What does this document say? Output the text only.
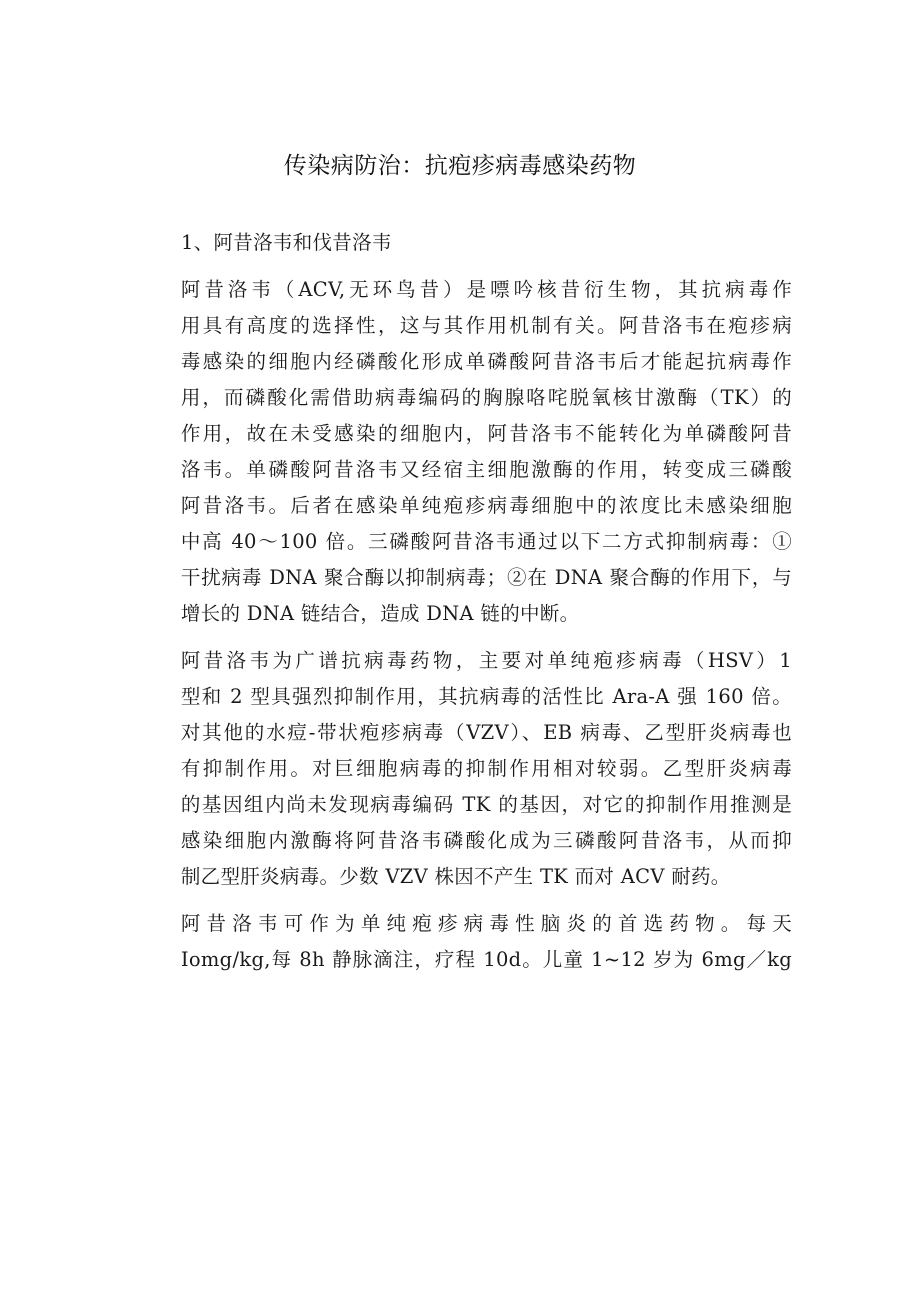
传染病防治：抗疱疹病毒感染药物
1、阿昔洛韦和伐昔洛韦
阿昔洛韦（ACV,无环鸟昔）是嘌吟核昔衍生物，其抗病毒作
用具有高度的选择性，这与其作用机制有关。阿昔洛韦在疱疹病
毒感染的细胞内经磷酸化形成单磷酸阿昔洛韦后才能起抗病毒作
用，而磷酸化需借助病毒编码的胸腺咯咤脱氧核甘激酶（TK）的
作用，故在未受感染的细胞内，阿昔洛韦不能转化为单磷酸阿昔
洛韦。单磷酸阿昔洛韦又经宿主细胞激酶的作用，转变成三磷酸
阿昔洛韦。后者在感染单纯疱疹病毒细胞中的浓度比未感染细胞
中高 40～100 倍。三磷酸阿昔洛韦通过以下二方式抑制病毒：①
干扰病毒 DNA 聚合酶以抑制病毒；②在 DNA 聚合酶的作用下，与
增长的 DNA 链结合，造成 DNA 链的中断。
阿昔洛韦为广谱抗病毒药物，主要对单纯疱疹病毒（HSV）1
型和 2 型具强烈抑制作用，其抗病毒的活性比 Ara-A 强 160 倍。
对其他的水痘-带状疱疹病毒（VZV）、EB 病毒、乙型肝炎病毒也
有抑制作用。对巨细胞病毒的抑制作用相对较弱。乙型肝炎病毒
的基因组内尚未发现病毒编码 TK 的基因，对它的抑制作用推测是
感染细胞内激酶将阿昔洛韦磷酸化成为三磷酸阿昔洛韦，从而抑
制乙型肝炎病毒。少数 VZV 株因不产生 TK 而对 ACV 耐药。
阿昔洛韦可作为单纯疱疹病毒性脑炎的首选药物。每天
Iomg/kg,每 8h 静脉滴注，疗程 10d。儿童 1~12 岁为 6mg／kg
